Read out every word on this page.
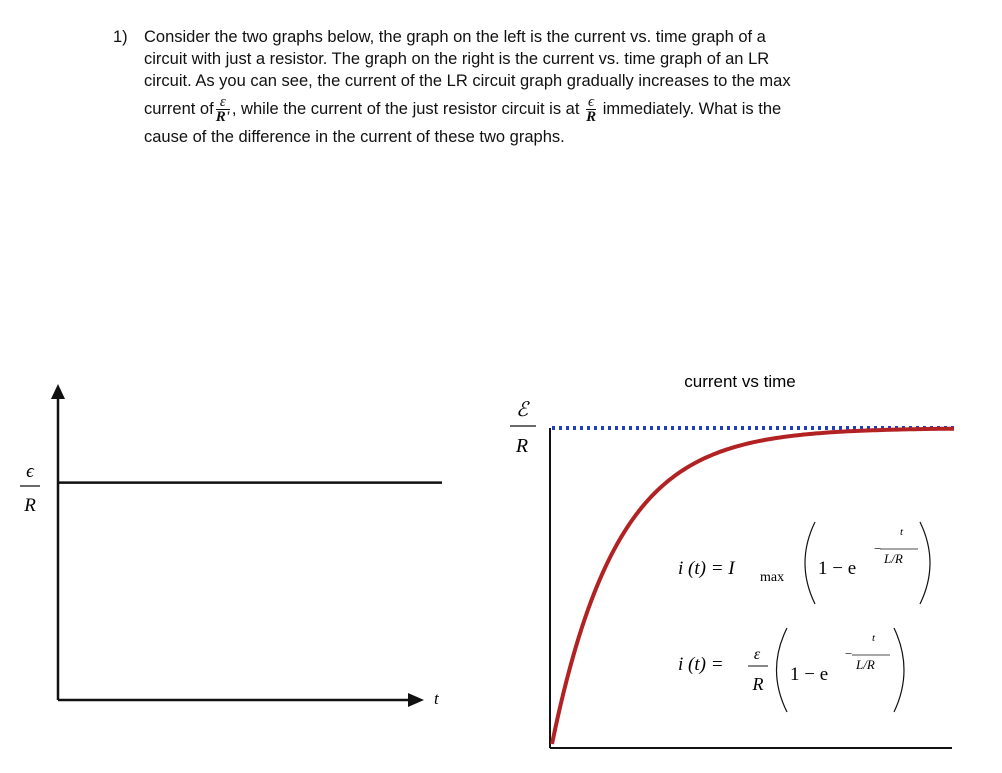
1) Consider the two graphs below, the graph on the left is the current vs. time graph of a
circuit with just a resistor. The graph on the right is the current vs. time graph of an LR
circuit. As you can see, the current of the LR circuit graph gradually increases to the max
current of $\frac{\varepsilon}{R'}$ , while the current of the just resistor circuit is at $\frac{\epsilon}{R}$ immediately. What is the
cause of the difference in the current of these two graphs.
ϵ
R
t
current vs time
ℰ
R
i (t) = I max 1 − e
−
t
L/R
i (t) = ε
R 1 − e
−
t
L/R
